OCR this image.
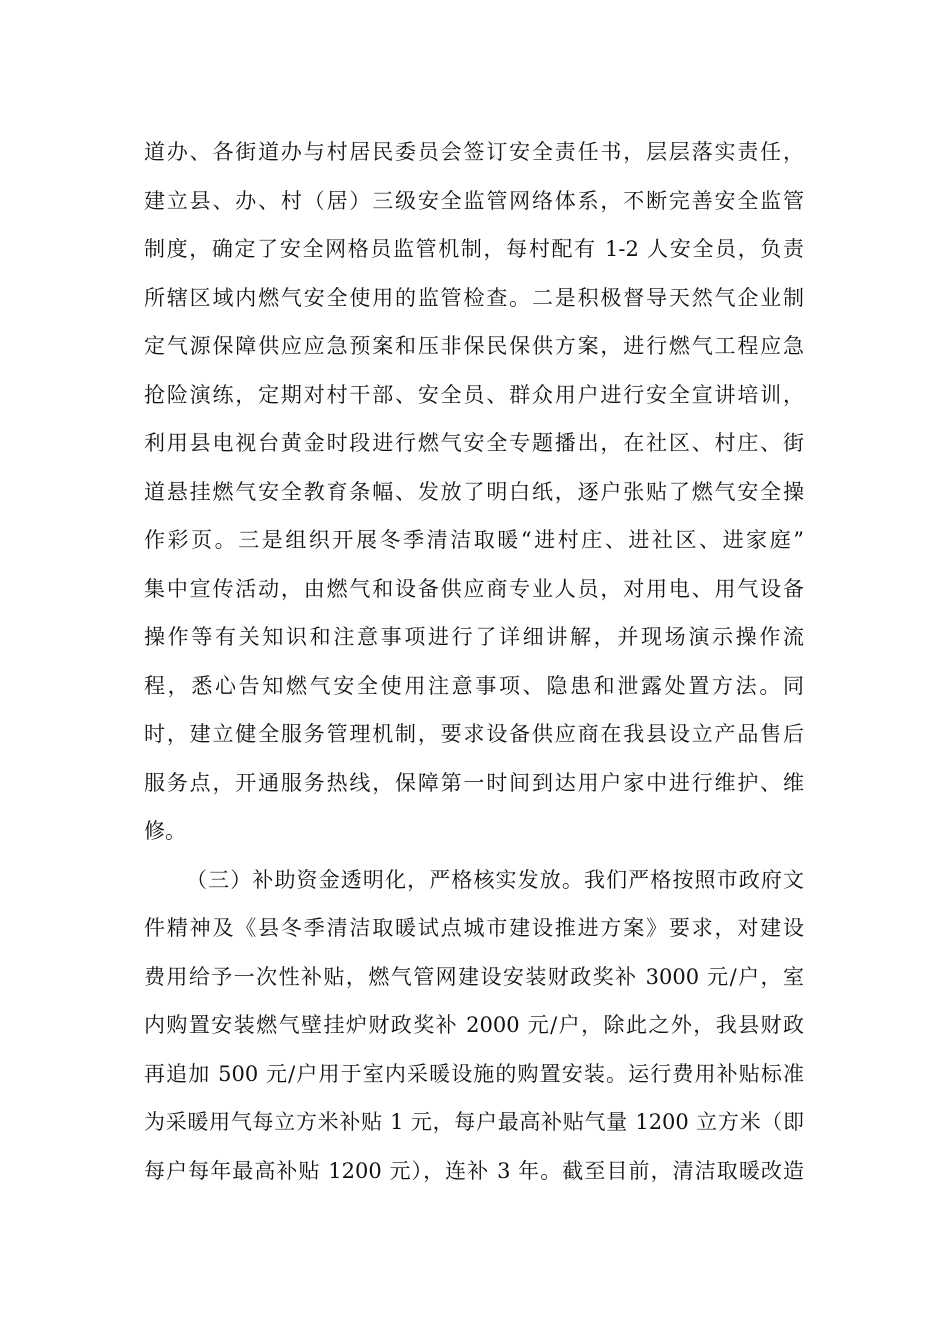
道办、各街道办与村居民委员会签订安全责任书，层层落实责任，
建立县、办、村（居）三级安全监管网络体系，不断完善安全监管
制度，确定了安全网格员监管机制，每村配有 1-2 人安全员，负责
所辖区域内燃气安全使用的监管检查。二是积极督导天然气企业制
定气源保障供应应急预案和压非保民保供方案，进行燃气工程应急
抢险演练，定期对村干部、安全员、群众用户进行安全宣讲培训，
利用县电视台黄金时段进行燃气安全专题播出，在社区、村庄、街
道悬挂燃气安全教育条幅、发放了明白纸，逐户张贴了燃气安全操
作彩页。三是组织开展冬季清洁取暖“进村庄、进社区、进家庭”
集中宣传活动，由燃气和设备供应商专业人员，对用电、用气设备
操作等有关知识和注意事项进行了详细讲解，并现场演示操作流
程，悉心告知燃气安全使用注意事项、隐患和泄露处置方法。同
时，建立健全服务管理机制，要求设备供应商在我县设立产品售后
服务点，开通服务热线，保障第一时间到达用户家中进行维护、维
修。
（三）补助资金透明化，严格核实发放。我们严格按照市政府文
件精神及《县冬季清洁取暖试点城市建设推进方案》要求，对建设
费用给予一次性补贴，燃气管网建设安装财政奖补 3000 元/户，室
内购置安装燃气壁挂炉财政奖补 2000 元/户，除此之外，我县财政
再追加 500 元/户用于室内采暖设施的购置安装。运行费用补贴标准
为采暖用气每立方米补贴 1 元，每户最高补贴气量 1200 立方米（即
每户每年最高补贴 1200 元），连补 3 年。截至目前，清洁取暖改造
